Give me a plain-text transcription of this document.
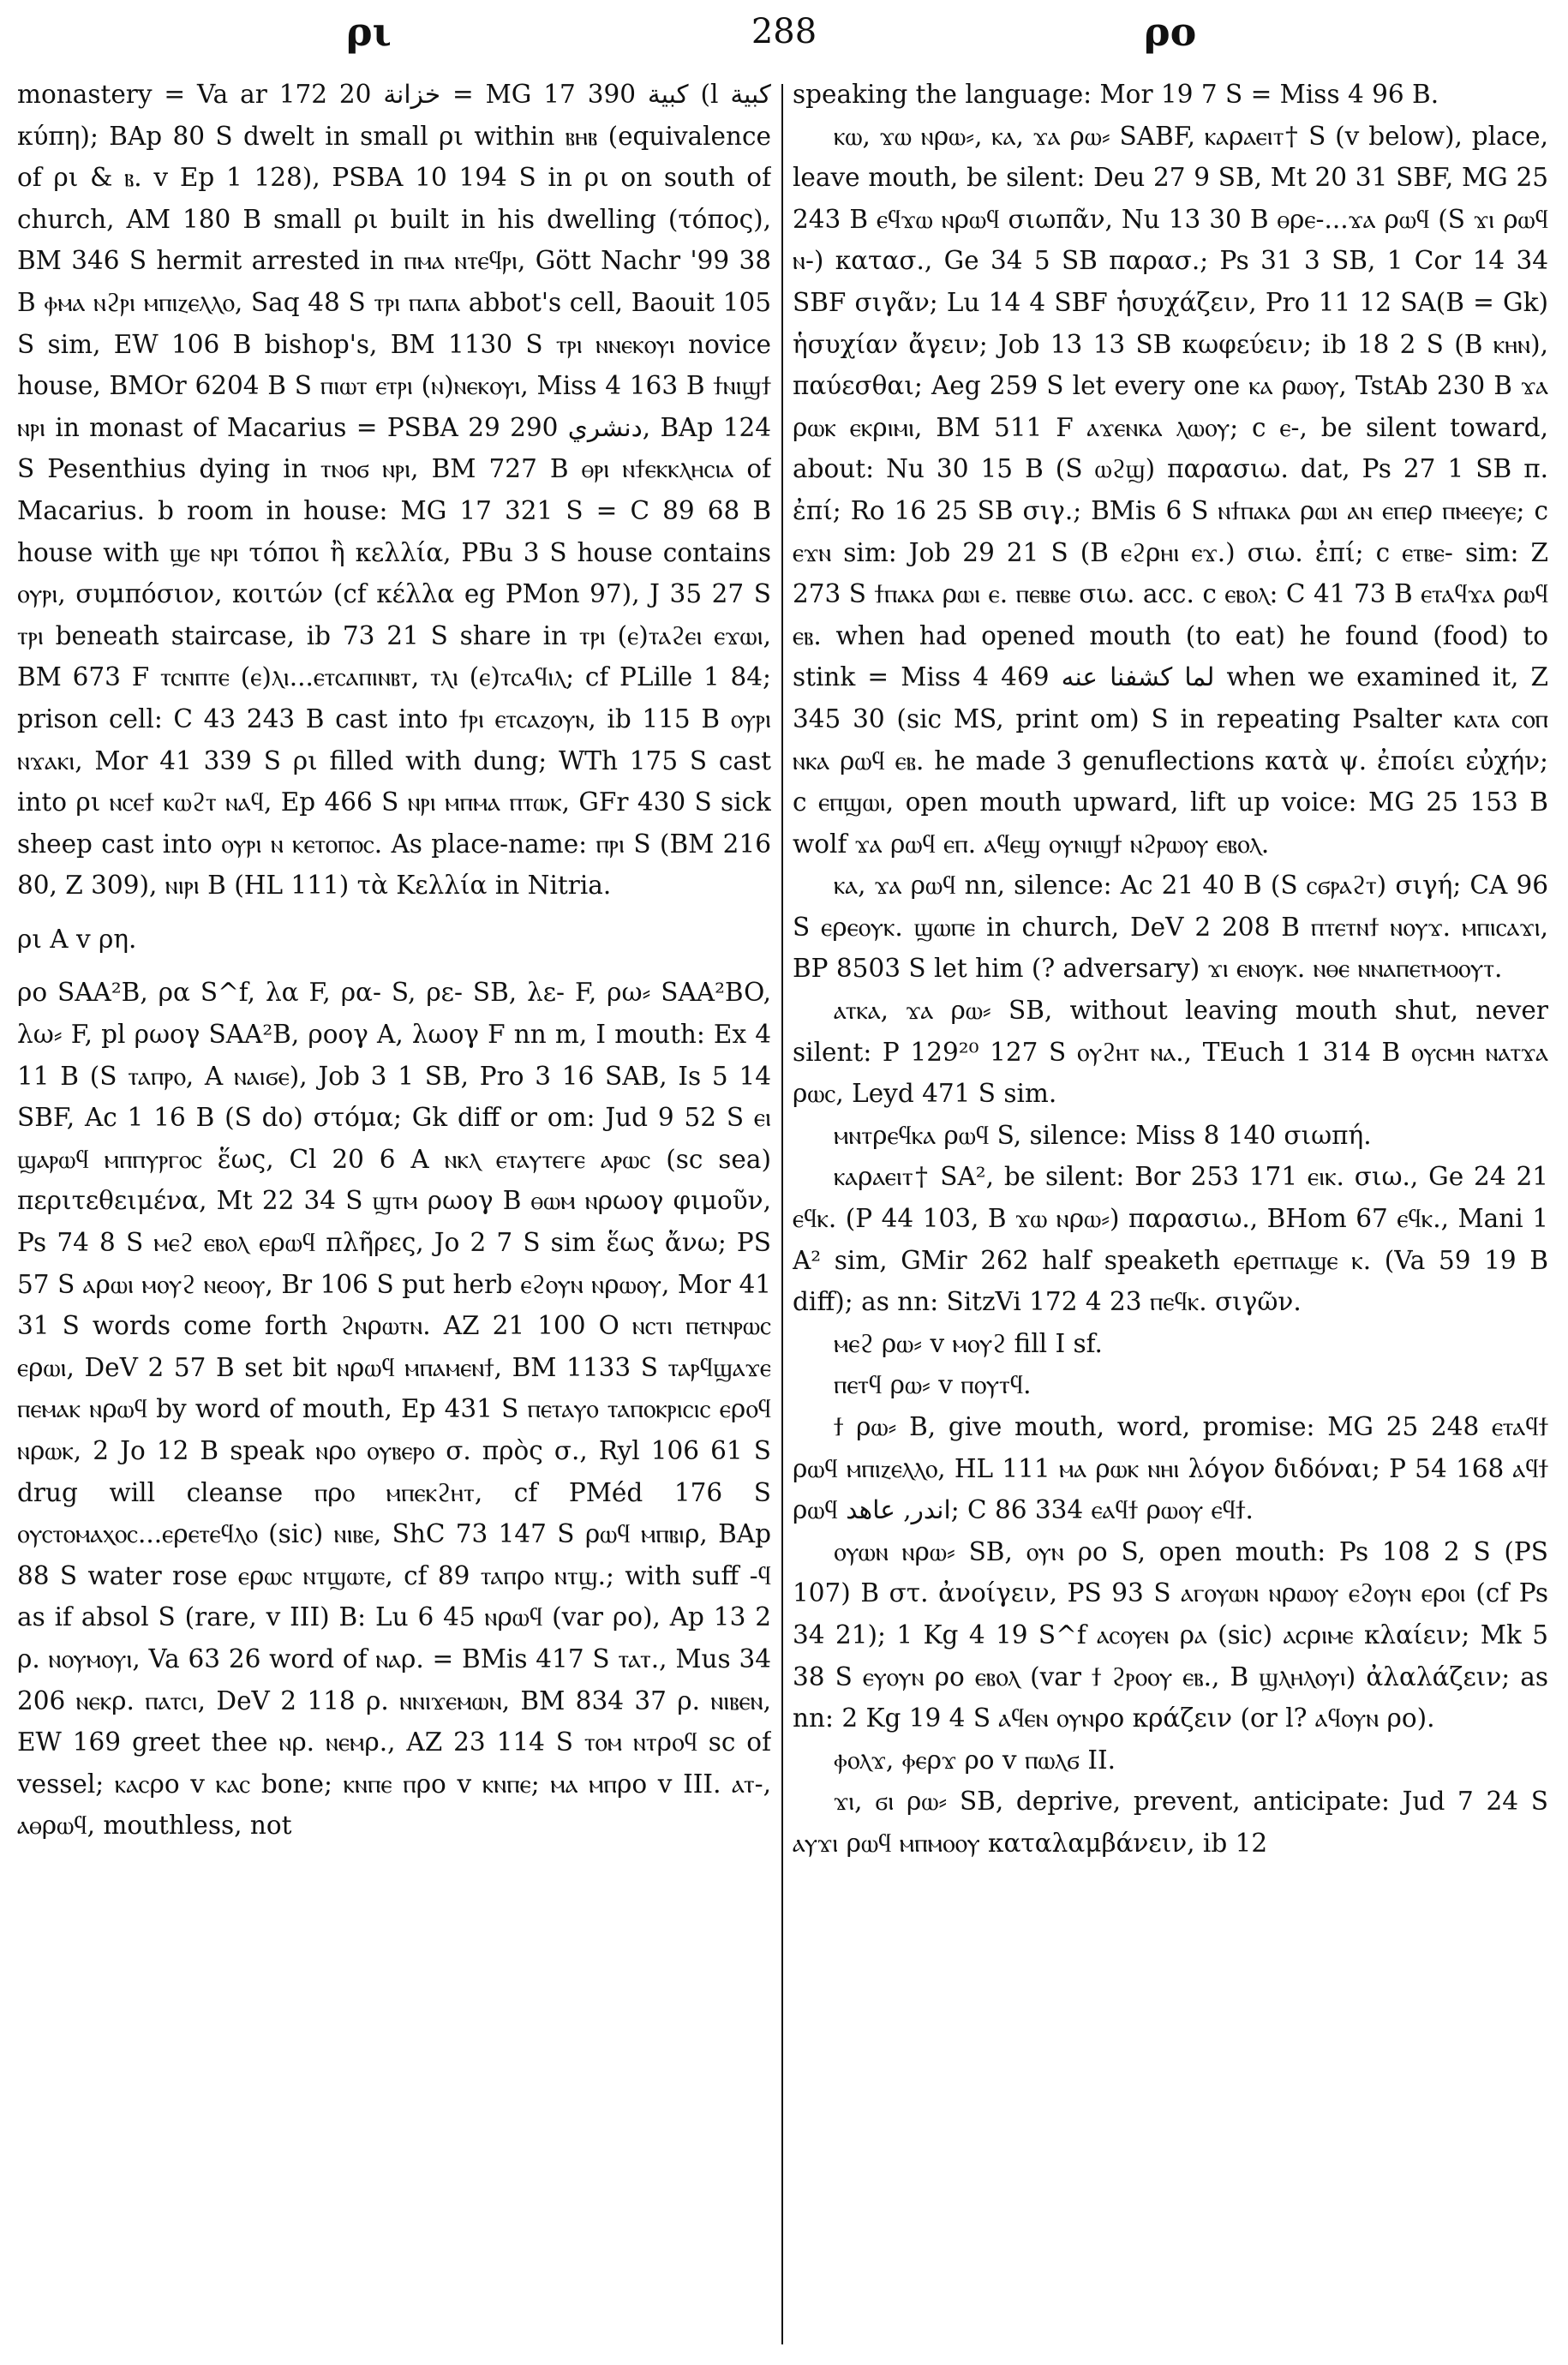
ρι	288	ρο

monastery = Va ar 172 20 خزانة = MG 17 390 كبية (l كبية κύπη); BAp 80 S dwelt in small ρι within ⲃⲏⲃ (equivalence of ρι & ⲃ. v Ep 1 128), PSBA 10 194 S in ρι on south of church, AM 180 B small ρι built in his dwelling (τόπος), BM 346 S hermit arrested in ⲡⲙⲁ ⲛⲧⲉϥⲣⲓ, Gött Nachr '99 38 B ⲫⲙⲁ ⲛϩⲣⲓ ⲙⲡⲓⲍⲉⲗⲗⲟ, Saq 48 S ⲧⲣⲓ ⲡⲁⲡⲁ abbot's cell, Baouit 105 S sim, EW 106 B bishop's, BM 1130 S ⲧⲣⲓ ⲛⲛⲉⲕⲟⲩⲓ novice house, BMOr 6204 B S ⲡⲓⲱⲧ ⲉⲧⲣⲓ (ⲛ)ⲛⲉⲕⲟⲩⲓ, Miss 4 163 B ϯⲛⲓϣϯ ⲛⲣⲓ in monast of Macarius = PSBA 29 290 دنشري, BAp 124 S Pesenthius dying in ⲧⲛⲟϭ ⲛⲣⲓ, BM 727 B ⲑⲣⲓ ⲛϯⲉⲕⲕⲗⲏⲥⲓⲁ of Macarius. b room in house: MG 17 321 S = C 89 68 B house with ϣⲉ ⲛⲣⲓ τόποι ἢ κελλία, PBu 3 S house contains ⲟⲩⲣⲓ, συμπόσιον, κοιτών (cf κέλλα eg PMon 97), J 35 27 S ⲧⲣⲓ beneath staircase, ib 73 21 S share in ⲧⲣⲓ (ⲉ)ⲧⲁϩⲉⲓ ⲉϫⲱⲓ, BM 673 F ⲧⲥⲛⲡⲧⲉ (ⲉ)ⲗⲓ...ⲉⲧⲥⲁⲡⲓⲛⲃⲧ, ⲧⲗⲓ (ⲉ)ⲧⲥⲁϥⲓⲗ; cf PLille 1 84; prison cell: C 43 243 B cast into ϯⲣⲓ ⲉⲧⲥⲁⲍⲟⲩⲛ, ib 115 B ⲟⲩⲣⲓ ⲛϫⲁⲕⲓ, Mor 41 339 S ρι filled with dung; WTh 175 S cast into ρι ⲛⲥⲉϯ ⲕⲱϩⲧ ⲛⲁϥ, Ep 466 S ⲛⲣⲓ ⲙⲡⲙⲁ ⲡⲧⲱⲕ, GFr 430 S sick sheep cast into ⲟⲩⲣⲓ ⲛ ⲕⲉⲧⲟⲡⲟⲥ. As place-name: ⲡⲣⲓ S (BM 216 80, Z 309), ⲛⲓⲣⲓ B (HL 111) τὰ Κελλία in Nitria.

ρι A v ρη.

ρο SAA²B, ρα S^f, λα F, ρα- S, ρε- SB, λε- F, ρω⸗ SAA²BO, λω⸗ F, pl ρωογ SAA²B, ροογ A, λωογ F nn m, I mouth: Ex 4 11 B (S ⲧⲁⲡⲣⲟ, A ⲛⲁⲓϭⲉ), Job 3 1 SB, Pro 3 16 SAB, Is 5 14 SBF, Ac 1 16 B (S do) στόμα; Gk diff or om: Jud 9 52 S ⲉⲓ ϣⲁⲣⲱϥ ⲙⲡⲡⲩⲣⲅⲟⲥ ἕως, Cl 20 6 A ⲛⲕⲗ ⲉⲧⲁⲩⲧⲉⲅⲉ ⲁⲣⲱⲥ (sc sea) περιτεθειμένα, Mt 22 34 S ϣⲧⲙ ρωογ B ⲑⲱⲙ ⲛρωογ φιμοῦν, Ps 74 8 S ⲙⲉϩ ⲉⲃⲟⲗ ⲉρⲱϥ πλῆρες, Jo 2 7 S sim ἕως ἄνω; PS 57 S ⲁρⲱⲓ ⲙⲟⲩϩ ⲛⲉⲟⲟⲩ, Br 106 S put herb ⲉϩⲟⲩⲛ ⲛρⲱⲟⲩ, Mor 41 31 S words come forth ϩⲛρⲱⲧⲛ. AZ 21 100 O ⲛⲥⲧⲓ ⲡⲉⲧⲛⲣⲱⲥ ⲉρⲱⲓ, DeV 2 57 B set bit ⲛρⲱϥ ⲙⲡⲁⲙⲉⲛϯ, BM 1133 S ⲧⲁⲣϥϣⲁϫⲉ ⲡⲉⲙⲁⲕ ⲛρⲱϥ by word of mouth, Ep 431 S ⲡⲉⲧⲁⲩⲟ ⲧⲁⲡⲟⲕⲣⲓⲥⲓⲥ ⲉρⲟϥ ⲛρⲱⲕ, 2 Jo 12 B speak ⲛρⲟ ⲟⲩⲃⲉⲣⲟ σ. πρὸς σ., Ryl 106 61 S drug will cleanse ⲡρⲟ ⲙⲡⲉⲕϩⲏⲧ, cf PMéd 176 S ⲟⲩⲥⲧⲟⲙⲁⲭⲟⲥ...ⲉρⲉⲧⲉϥⲗⲟ (sic) ⲛⲓⲃⲉ, ShC 73 147 S ρⲱϥ ⲙⲡⲃⲓρ, BAp 88 S water rose ⲉρⲱⲥ ⲛⲧϣⲱⲧⲉ, cf 89 ⲧⲁⲡρⲟ ⲛⲧϣ.; with suff -ϥ as if absol S (rare, v III) B: Lu 6 45 ⲛρⲱϥ (var ρο), Ap 13 2 ρ. ⲛⲟⲩⲙⲟⲩⲓ, Va 63 26 word of ⲛⲁρ. = BMis 417 S ⲧⲁⲧ., Mus 34 206 ⲛⲉⲕρ. ⲡⲁⲧⲥⲓ, DeV 2 118 ρ. ⲛⲛⲓϫⲉⲙⲱⲛ, BM 834 37 ρ. ⲛⲓⲃⲉⲛ, EW 169 greet thee ⲛρ. ⲛⲉⲙρ., AZ 23 114 S ⲧⲟⲙ ⲛⲧρⲟϥ sc of vessel; ⲕⲁⲥρο v ⲕⲁⲥ bone; ⲕⲛⲡⲉ ⲡρο v ⲕⲛⲡⲉ; ⲙⲁ ⲙⲡρο v III. ⲁⲧ-, ⲁⲑρⲱϥ, mouthless, not

speaking the language: Mor 19 7 S = Miss 4 96 B.

ⲕⲱ, ϫⲱ ⲛρⲱ⸗, ⲕⲁ, ϫⲁ ρⲱ⸗ SABF, ⲕⲁρⲁⲉⲓⲧ† S (v below), place, leave mouth, be silent: Deu 27 9 SB, Mt 20 31 SBF, MG 25 243 B ⲉϥϫⲱ ⲛρⲱϥ σιωπᾶν, Nu 13 30 B ⲑρⲉ-...ϫⲁ ρⲱϥ (S ϫⲓ ρⲱϥ ⲛ-) κατασ., Ge 34 5 SB παρασ.; Ps 31 3 SB, 1 Cor 14 34 SBF σιγᾶν; Lu 14 4 SBF ἡσυχάζειν, Pro 11 12 SA(B = Gk) ἡσυχίαν ἄγειν; Job 13 13 SB κωφεύειν; ib 18 2 S (B ⲕⲏⲛ), παύεσθαι; Aeg 259 S let every one ⲕⲁ ρⲱⲟⲩ, TstAb 230 B ϫⲁ ρⲱⲕ ⲉⲕρⲓⲙⲓ, BM 511 F ⲁϫⲉⲛⲕⲁ ⲗⲱⲟⲩ; c ⲉ-, be silent toward, about: Nu 30 15 B (S ⲱϩϣ) παρασιω. dat, Ps 27 1 SB π. ἐπί; Ro 16 25 SB σιγ.; BMis 6 S ⲛϯⲡⲁⲕⲁ ρⲱⲓ ⲁⲛ ⲉⲡⲉρ ⲡⲙⲉⲉⲩⲉ; c ⲉϫⲛ sim: Job 29 21 S (B ⲉϩρⲏⲓ ⲉϫ.) σιω. ἐπί; c ⲉⲧⲃⲉ- sim: Z 273 S ϯⲡⲁⲕⲁ ρⲱⲓ ⲉ. ⲡⲉⲃⲃⲉ σιω. acc. c ⲉⲃⲟⲗ: C 41 73 B ⲉⲧⲁϥϫⲁ ρⲱϥ ⲉⲃ. when had opened mouth (to eat) he found (food) to stink = Miss 4 469 لما كشفنا عنه when we examined it, Z 345 30 (sic MS, print om) S in repeating Psalter ⲕⲁⲧⲁ ⲥⲟⲡ ⲛⲕⲁ ρⲱϥ ⲉⲃ. he made 3 genuflections κατὰ ψ. ἐποίει εὐχήν; c ⲉⲡϣⲱⲓ, open mouth upward, lift up voice: MG 25 153 B wolf ϫⲁ ρⲱϥ ⲉⲡ. ⲁϥⲉϣ ⲟⲩⲛⲓϣϯ ⲛϩⲣⲱⲟⲩ ⲉⲃⲟⲗ.

ⲕⲁ, ϫⲁ ρⲱϥ nn, silence: Ac 21 40 B (S ⲥϭⲣⲁϩⲧ) σιγή; CA 96 S ⲉρⲉⲟⲩⲕ. ϣⲱⲡⲉ in church, DeV 2 208 B ⲡⲧⲉⲧⲛϯ ⲛⲟⲩϫ. ⲙⲡⲓⲥⲁϫⲓ, BP 8503 S let him (? adversary) ϫⲓ ⲉⲛⲟⲩⲕ. ⲛⲑⲉ ⲛⲛⲁⲡⲉⲧⲙⲟⲟⲩⲧ.

ⲁⲧⲕⲁ, ϫⲁ ρⲱ⸗ SB, without leaving mouth shut, never silent: P 129²⁰ 127 S ⲟⲩϩⲏⲧ ⲛⲁ., TEuch 1 314 B ⲟⲩⲥⲙⲏ ⲛⲁⲧϫⲁ ρⲱⲥ, Leyd 471 S sim.

ⲙⲛⲧρⲉϥⲕⲁ ρⲱϥ S, silence: Miss 8 140 σιωπή.

ⲕⲁρⲁⲉⲓⲧ† SA², be silent: Bor 253 171 ⲉⲓⲕ. σιω., Ge 24 21 ⲉϥⲕ. (P 44 103, B ϫⲱ ⲛρⲱ⸗) παρασιω., BHom 67 ⲉϥⲕ., Mani 1 A² sim, GMir 262 half speaketh ⲉρⲉⲧⲡⲁϣⲉ ⲕ. (Va 59 19 B diff); as nn: SitzVi 172 4 23 ⲡⲉϥⲕ. σιγῶν.

ⲙⲉϩ ρⲱ⸗ v ⲙⲟⲩϩ fill I sf.

ⲡⲉⲧϥ ρⲱ⸗ v ⲡⲟⲩⲧϥ.

ϯ ρⲱ⸗ B, give mouth, word, promise: MG 25 248 ⲉⲧⲁϥϯ ρⲱϥ ⲙⲡⲓⲍⲉⲗⲗⲟ, HL 111 ⲙⲁ ρⲱⲕ ⲛⲏⲓ λόγον διδόναι; P 54 168 ⲁϥϯ ρⲱϥ اندر, عاهد; C 86 334 ⲉⲁϥϯ ρⲱⲟⲩ ⲉϥϯ.

ⲟⲩⲱⲛ ⲛρⲱ⸗ SB, ⲟⲩⲛ ρο S, open mouth: Ps 108 2 S (PS 107) B στ. ἀνοίγειν, PS 93 S ⲁⲅⲟⲩⲱⲛ ⲛρⲱⲟⲩ ⲉϩⲟⲩⲛ ⲉρⲟⲓ (cf Ps 34 21); 1 Kg 4 19 S^f ⲁⲥⲟⲩⲉⲛ ρⲁ (sic) ⲁⲥρⲓⲙⲉ κλαίειν; Mk 5 38 S ⲉⲩⲟⲩⲛ ρο ⲉⲃⲟⲗ (var ϯ ϩⲣⲟⲟⲩ ⲉⲃ., B ϣⲗⲏⲗⲟⲩⲓ) ἀλαλάζειν; as nn: 2 Kg 19 4 S ⲁϥⲉⲛ ⲟⲩⲛρο κράζειν (or l? ⲁϥⲟⲩⲛ ρο).

ⲫⲟⲗϫ, ⲫⲉρϫ ρο v ⲡⲱⲗϭ II.

ϫⲓ, ϭⲓ ρⲱ⸗ SB, deprive, prevent, anticipate: Jud 7 24 S ⲁⲩϫⲓ ρⲱϥ ⲙⲡⲙⲟⲟⲩ καταλαμβάνειν, ib 12
